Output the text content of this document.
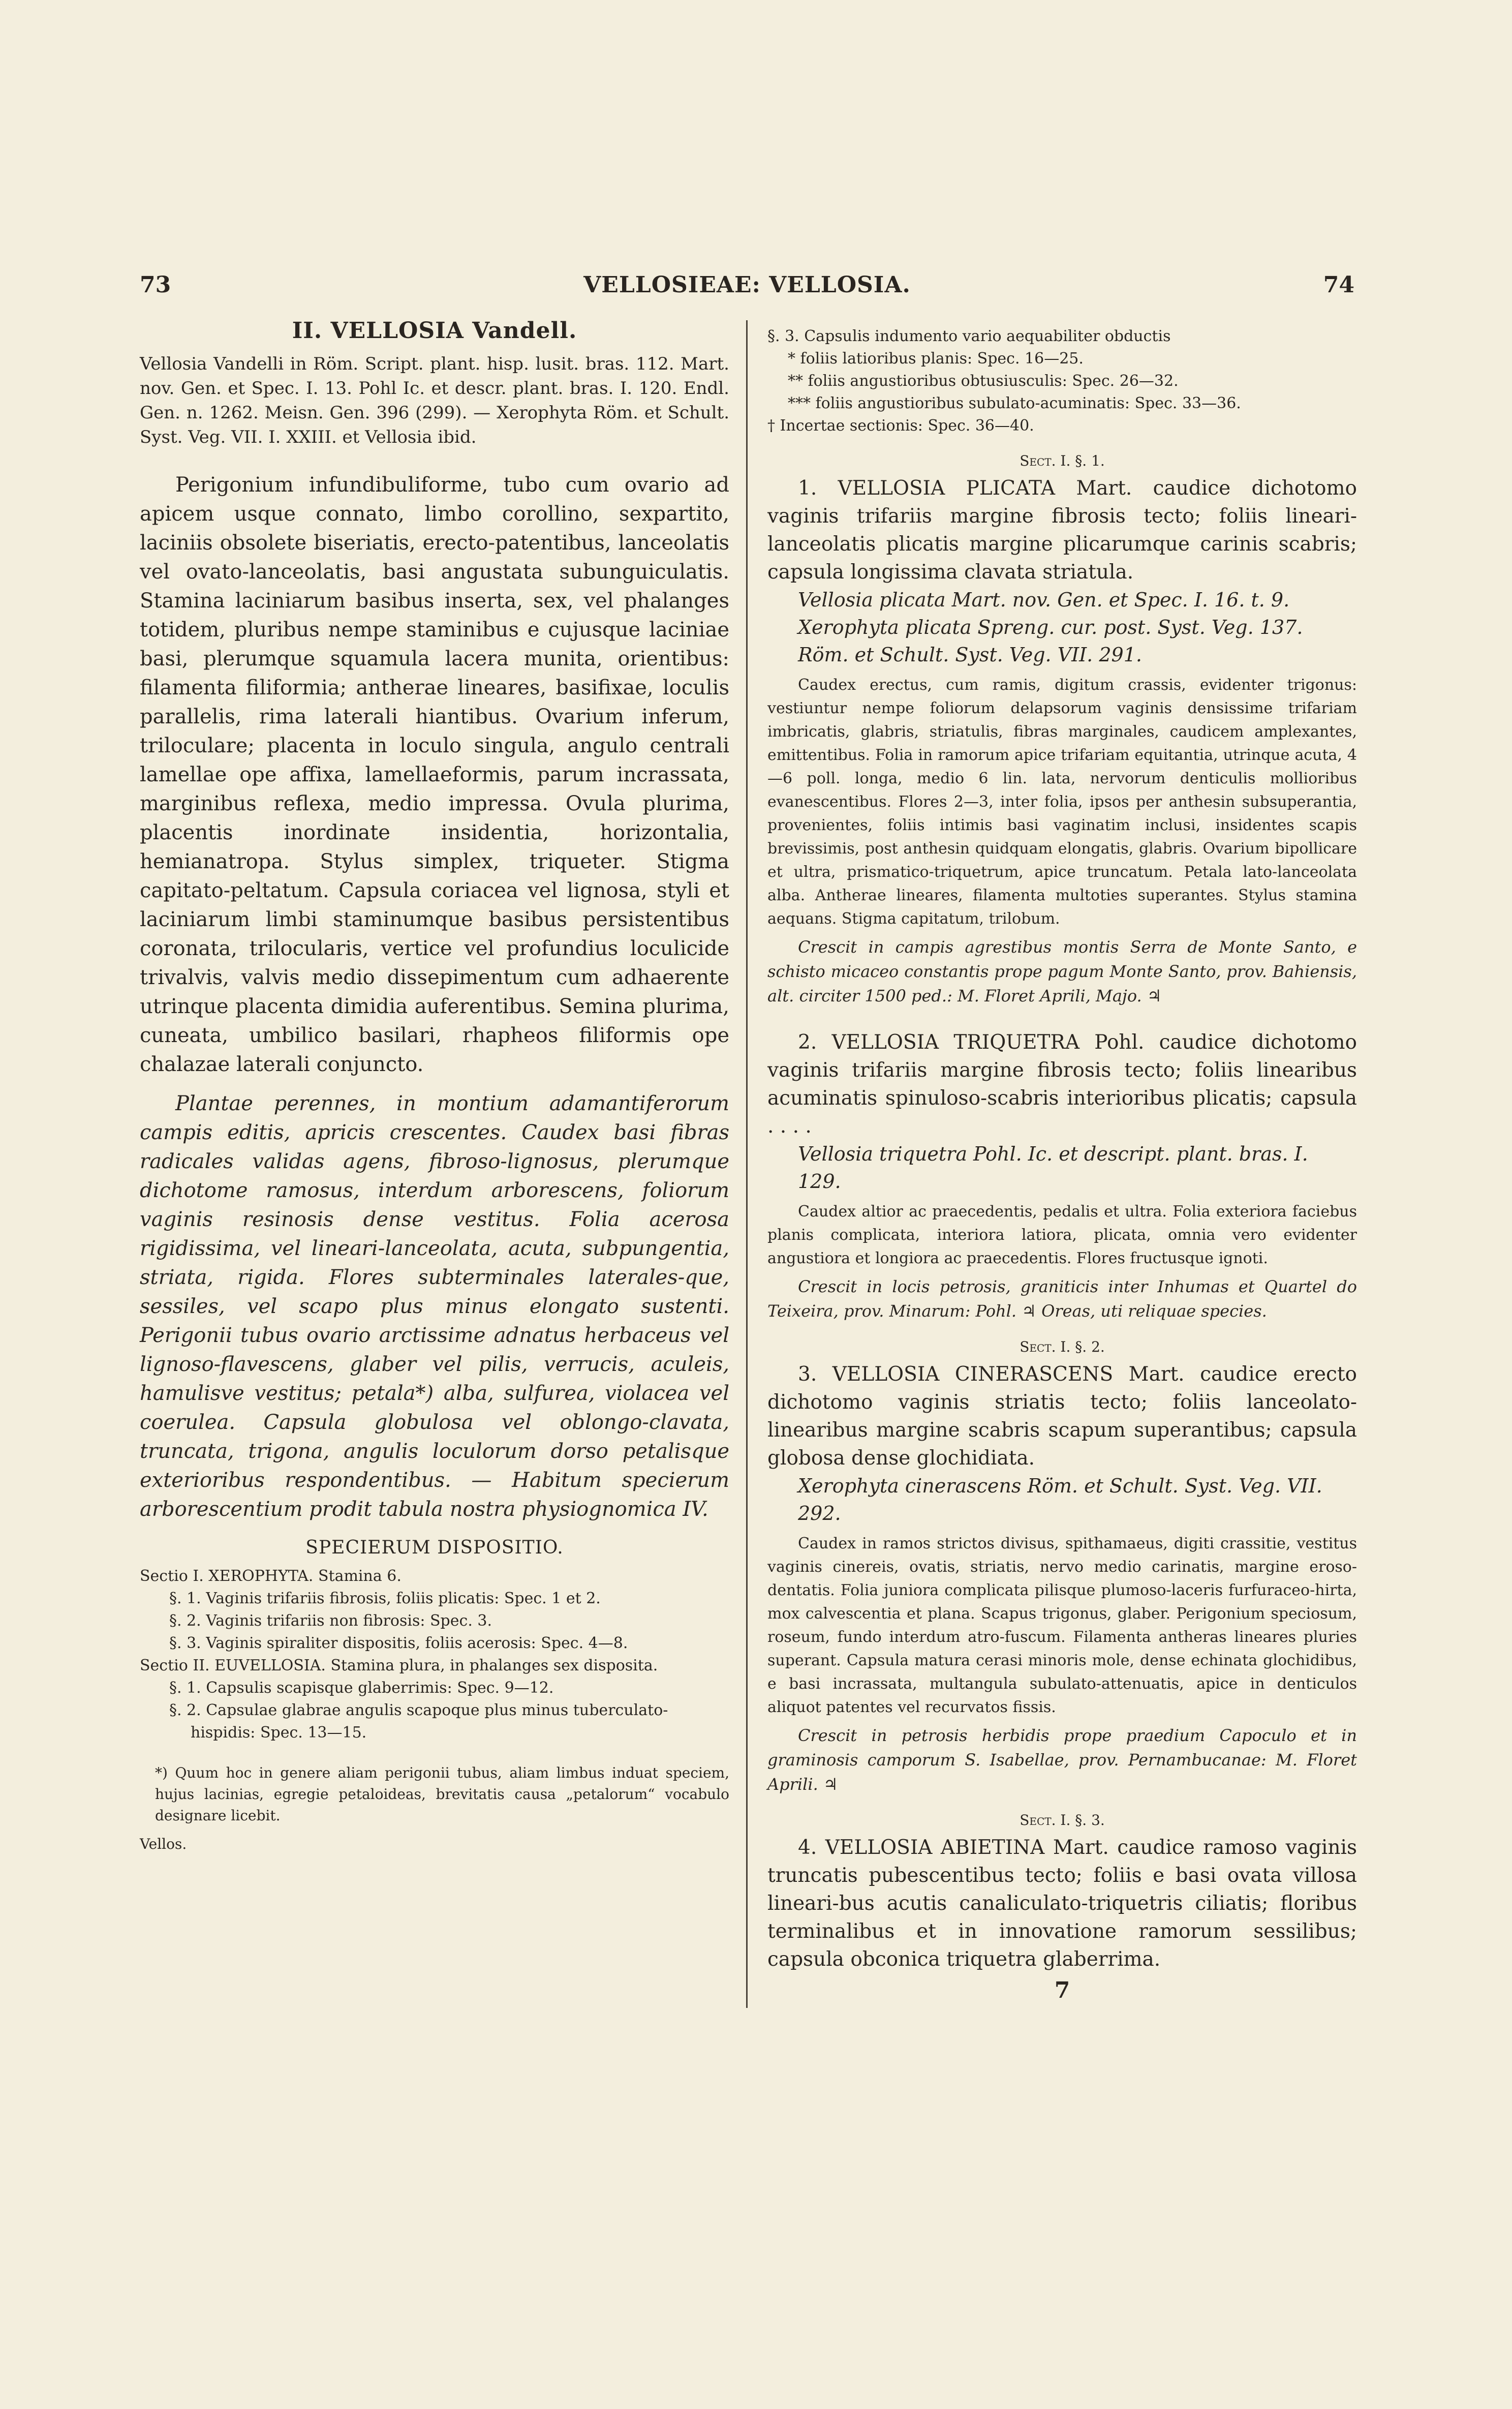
73	VELLOSIEAE: VELLOSIA.	74
II. VELLOSIA Vandell.

Vellosia Vandelli in Röm. Script. plant. hisp. lusit. bras. 112. Mart. nov. Gen. et Spec. I. 13. Pohl Ic. et descr. plant. bras. I. 120. Endl. Gen. n. 1262. Meisn. Gen. 396 (299). — Xerophyta Röm. et Schult. Syst. Veg. VII. I. XXIII. et Vellosia ibid.

Perigonium infundibuliforme, tubo cum ovario ad apicem usque connato, limbo corollino, sexpartito, laciniis obsolete biseriatis, erecto-patentibus, lanceolatis vel ovato-lanceolatis, basi angustata subunguiculatis. Stamina laciniarum basibus inserta, sex, vel phalanges totidem, pluribus nempe staminibus e cujusque laciniae basi, plerumque squamula lacera munita, orientibus: filamenta filiformia; antherae lineares, basifixae, loculis parallelis, rima laterali hiantibus. Ovarium inferum, triloculare; placenta in loculo singula, angulo centrali lamellae ope affixa, lamellaeformis, parum incrassata, marginibus reflexa, medio impressa. Ovula plurima, placentis inordinate insidentia, horizontalia, hemianatropa. Stylus simplex, triqueter. Stigma capitato-peltatum. Capsula coriacea vel lignosa, styli et laciniarum limbi staminumque basibus persistentibus coronata, trilocularis, vertice vel profundius loculicide trivalvis, valvis medio dissepimentum cum adhaerente utrinque placenta dimidia auferentibus. Semina plurima, cuneata, umbilico basilari, rhapheos filiformis ope chalazae laterali conjuncto.

Plantae perennes, in montium adamantiferorum campis editis, apricis crescentes. Caudex basi fibras radicales validas agens, fibroso-lignosus, plerumque dichotome ramosus, interdum arborescens, foliorum vaginis resinosis dense vestitus. Folia acerosa rigidissima, vel lineari-lanceolata, acuta, subpungentia, striata, rigida. Flores subterminales laterales-que, sessiles, vel scapo plus minus elongato sustenti. Perigonii tubus ovario arctissime adnatus herbaceus vel lignoso-flavescens, glaber vel pilis, verrucis, aculeis, hamulisve vestitus; petala*) alba, sulfurea, violacea vel coerulea. Capsula globulosa vel oblongo-clavata, truncata, trigona, angulis loculorum dorso petalisque exterioribus respondentibus. — Habitum specierum arborescentium prodit tabula nostra physiognomica IV.

SPECIERUM DISPOSITIO.

Sectio I. XEROPHYTA. Stamina 6.

§. 1. Vaginis trifariis fibrosis, foliis plicatis: Spec. 1 et 2.

§. 2. Vaginis trifariis non fibrosis: Spec. 3.

§. 3. Vaginis spiraliter dispositis, foliis acerosis: Spec. 4—8.

Sectio II. EUVELLOSIA. Stamina plura, in phalanges sex disposita.

§. 1. Capsulis scapisque glaberrimis: Spec. 9—12.

§. 2. Capsulae glabrae angulis scapoque plus minus tuberculato-

hispidis: Spec. 13—15.

*) Quum hoc in genere aliam perigonii tubus, aliam limbus induat speciem, hujus lacinias, egregie petaloideas, brevitatis causa „petalorum“ vocabulo designare licebit.

Vellos.

§. 3. Capsulis indumento vario aequabiliter obductis

* foliis latioribus planis: Spec. 16—25.

** foliis angustioribus obtusiusculis: Spec. 26—32.

*** foliis angustioribus subulato-acuminatis: Spec. 33—36.

† Incertae sectionis: Spec. 36—40.

Sect. I. §. 1.

1. VELLOSIA PLICATA Mart. caudice dichotomo vaginis trifariis margine fibrosis tecto; foliis lineari-lanceolatis plicatis margine plicarumque carinis scabris; capsula longissima clavata striatula.

Vellosia plicata Mart. nov. Gen. et Spec. I. 16. t. 9.

Xerophyta plicata Spreng. cur. post. Syst. Veg. 137. Röm. et Schult. Syst. Veg. VII. 291.

Caudex erectus, cum ramis, digitum crassis, evidenter trigonus: vestiuntur nempe foliorum delapsorum vaginis densissime trifariam imbricatis, glabris, striatulis, fibras marginales, caudicem amplexantes, emittentibus. Folia in ramorum apice trifariam equitantia, utrinque acuta, 4—6 poll. longa, medio 6 lin. lata, nervorum denticulis mollioribus evanescentibus. Flores 2—3, inter folia, ipsos per anthesin subsuperantia, provenientes, foliis intimis basi vaginatim inclusi, insidentes scapis brevissimis, post anthesin quidquam elongatis, glabris. Ovarium bipollicare et ultra, prismatico-triquetrum, apice truncatum. Petala lato-lanceolata alba. Antherae lineares, filamenta multoties superantes. Stylus stamina aequans. Stigma capitatum, trilobum.

Crescit in campis agrestibus montis Serra de Monte Santo, e schisto micaceo constantis prope pagum Monte Santo, prov. Bahiensis, alt. circiter 1500 ped.: M. Floret Aprili, Majo. ♃

2. VELLOSIA TRIQUETRA Pohl. caudice dichotomo vaginis trifariis margine fibrosis tecto; foliis linearibus acuminatis spinuloso-scabris interioribus plicatis; capsula . . . .

Vellosia triquetra Pohl. Ic. et descript. plant. bras. I. 129.

Caudex altior ac praecedentis, pedalis et ultra. Folia exteriora faciebus planis complicata, interiora latiora, plicata, omnia vero evidenter angustiora et longiora ac praecedentis. Flores fructusque ignoti.

Crescit in locis petrosis, graniticis inter Inhumas et Quartel do Teixeira, prov. Minarum: Pohl. ♃ Oreas, uti reliquae species.

Sect. I. §. 2.

3. VELLOSIA CINERASCENS Mart. caudice erecto dichotomo vaginis striatis tecto; foliis lanceolato-linearibus margine scabris scapum superantibus; capsula globosa dense glochidiata.

Xerophyta cinerascens Röm. et Schult. Syst. Veg. VII. 292.

Caudex in ramos strictos divisus, spithamaeus, digiti crassitie, vestitus vaginis cinereis, ovatis, striatis, nervo medio carinatis, margine eroso-dentatis. Folia juniora complicata pilisque plumoso-laceris furfuraceo-hirta, mox calvescentia et plana. Scapus trigonus, glaber. Perigonium speciosum, roseum, fundo interdum atro-fuscum. Filamenta antheras lineares pluries superant. Capsula matura cerasi minoris mole, dense echinata glochidibus, e basi incrassata, multangula subulato-attenuatis, apice in denticulos aliquot patentes vel recurvatos fissis.

Crescit in petrosis herbidis prope praedium Capoculo et in graminosis camporum S. Isabellae, prov. Pernambucanae: M. Floret Aprili. ♃

Sect. I. §. 3.

4. VELLOSIA ABIETINA Mart. caudice ramoso vaginis truncatis pubescentibus tecto; foliis e basi ovata villosa lineari-bus acutis canaliculato-triquetris ciliatis; floribus terminalibus et in innovatione ramorum sessilibus; capsula obconica triquetra glaberrima.

7
